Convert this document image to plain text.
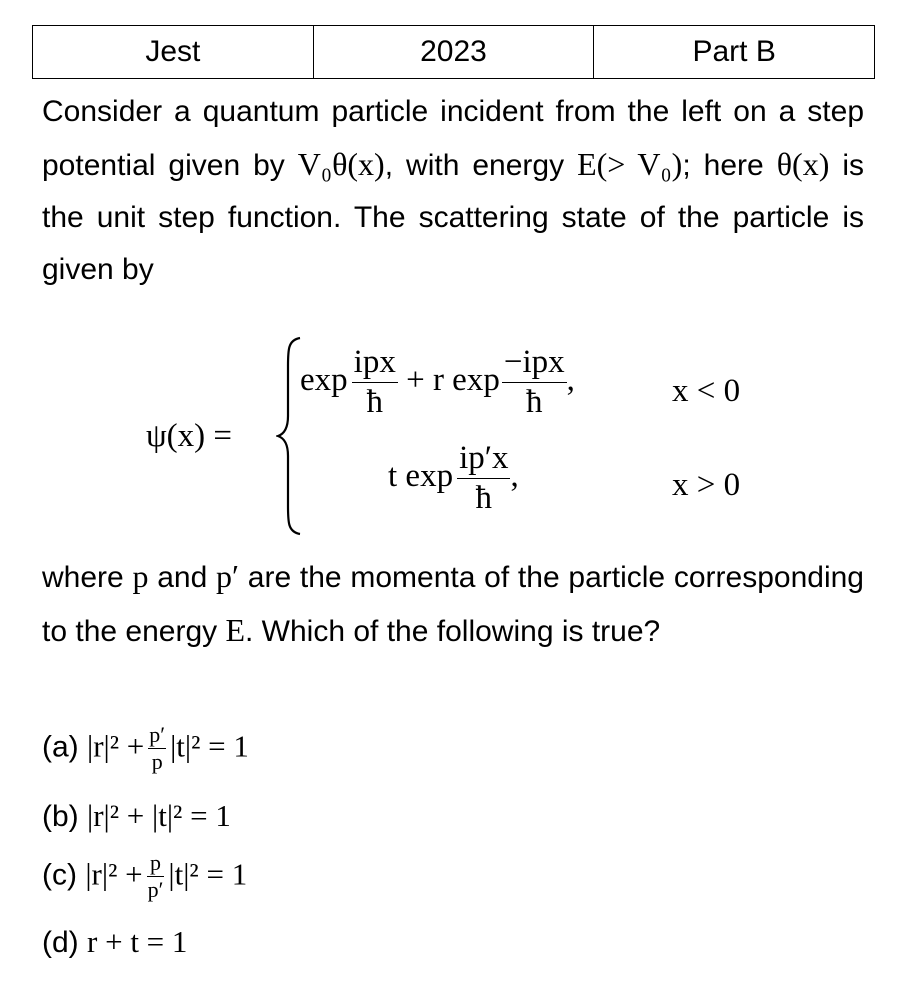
Jest	2023	Part B
Consider a quantum particle incident from the left on a step potential given by V₀θ(x), with energy E(> V₀); here θ(x) is the unit step function. The scattering state of the particle is given by
ψ(x) =
$\exp \frac{\text{ipx}}{ħ} + r$ $\exp \frac{\text{−ipx}}{ħ}$ ,	x < 0
t $\exp \frac{ip'x}{ħ}$ ,	x > 0
where p and p′ are the momenta of the particle corresponding to the energy E. Which of the following is true?
(a) $|r|^2 + \frac{p'}{p} |t|^2 = 1$
(b) |r|² + |t|² = 1
(c) $|r|^2 + \frac{p}{p'} |t|^2 = 1$
(d) r + t = 1
